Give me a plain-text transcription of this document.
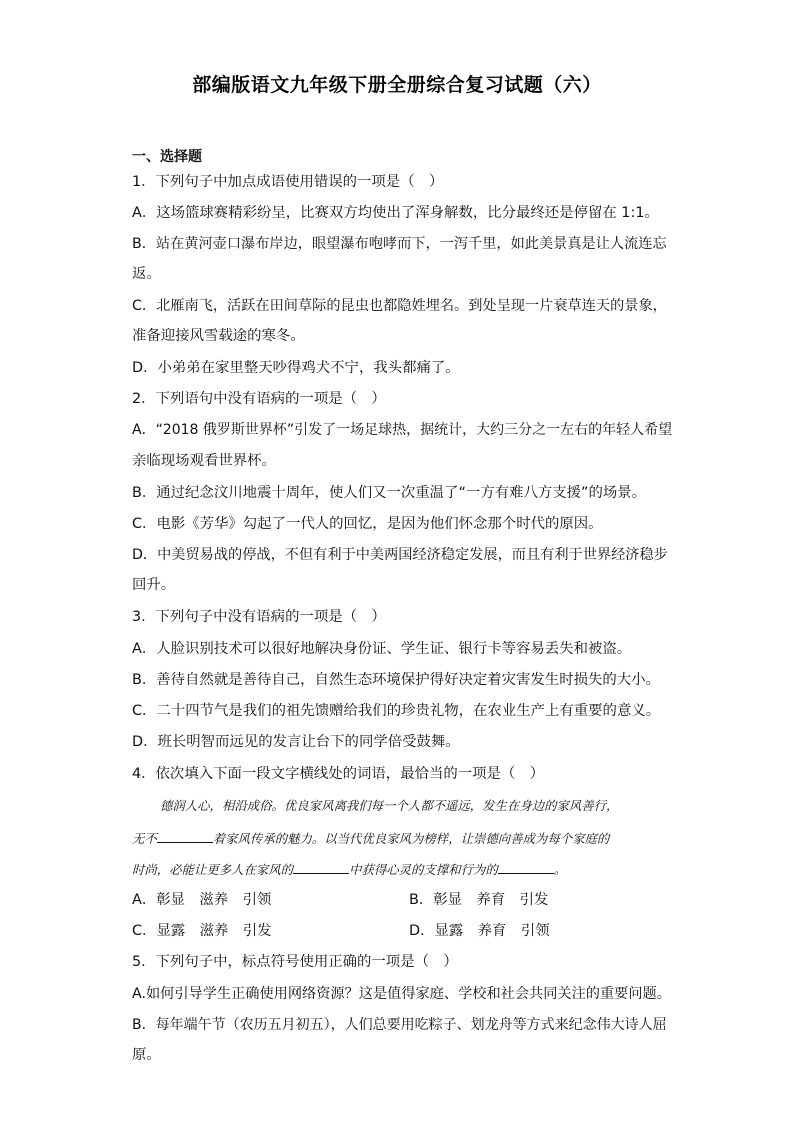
部编版语文九年级下册全册综合复习试题（六）
一、选择题
1．下列句子中加点成语使用错误的一项是（　）
A．这场篮球赛精彩纷呈，比赛双方均使出了浑身解数，比分最终还是停留在 1:1。
B．站在黄河壶口瀑布岸边，眼望瀑布咆哮而下，一泻千里，如此美景真是让人流连忘
返。
C．北雁南飞，活跃在田间草际的昆虫也都隐姓埋名。到处呈现一片衰草连天的景象，
准备迎接风雪载途的寒冬。
D．小弟弟在家里整天吵得鸡犬不宁，我头都痛了。
2．下列语句中没有语病的一项是（　）
A．“2018 俄罗斯世界杯”引发了一场足球热，据统计，大约三分之一左右的年轻人希望
亲临现场观看世界杯。
B．通过纪念汶川地震十周年，使人们又一次重温了“一方有难八方支援”的场景。
C．电影《芳华》勾起了一代人的回忆，是因为他们怀念那个时代的原因。
D．中美贸易战的停战，不但有利于中美两国经济稳定发展，而且有利于世界经济稳步
回升。
3．下列句子中没有语病的一项是（　）
A．人脸识别技术可以很好地解决身份证、学生证、银行卡等容易丢失和被盗。
B．善待自然就是善待自己，自然生态环境保护得好决定着灾害发生时损失的大小。
C．二十四节气是我们的祖先馈赠给我们的珍贵礼物，在农业生产上有重要的意义。
D．班长明智而远见的发言让台下的同学倍受鼓舞。
4．依次填入下面一段文字横线处的词语，最恰当的一项是（　）
德润人心，相沿成俗。优良家风离我们每一个人都不遥远，发生在身边的家风善行，
无不	着家风传承的魅力。以当代优良家风为榜样，让崇德向善成为每个家庭的
时尚，必能让更多人在家风的	中获得心灵的支撑和行为的	。
A．彰显　滋养　引领	B．彰显　养育　引发
C．显露　滋养　引发	D．显露　养育　引领
5．下列句子中，标点符号使用正确的一项是（　）
A.如何引导学生正确使用网络资源？这是值得家庭、学校和社会共同关注的重要问题。
B．每年端午节（农历五月初五），人们总要用吃粽子、划龙舟等方式来纪念伟大诗人屈
原。
